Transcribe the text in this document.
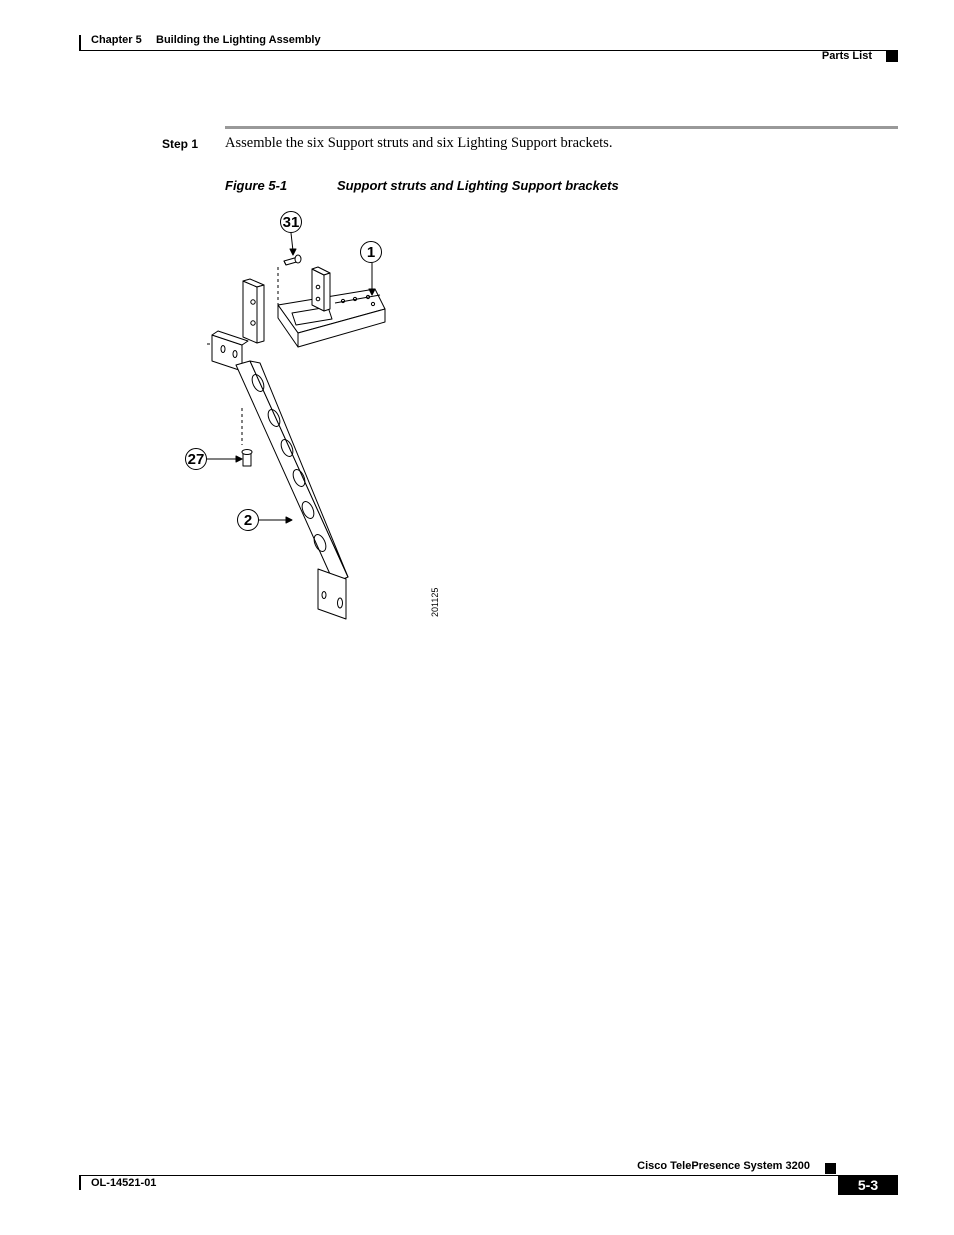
Chapter 5 Building the Lighting Assembly
Parts List
Step 1 Assemble the six Support struts and six Lighting Support brackets.
Figure 5-1	Support struts and Lighting Support brackets
31
1
27
2
201125
Cisco TelePresence System 3200
OL-14521-01	5-3
